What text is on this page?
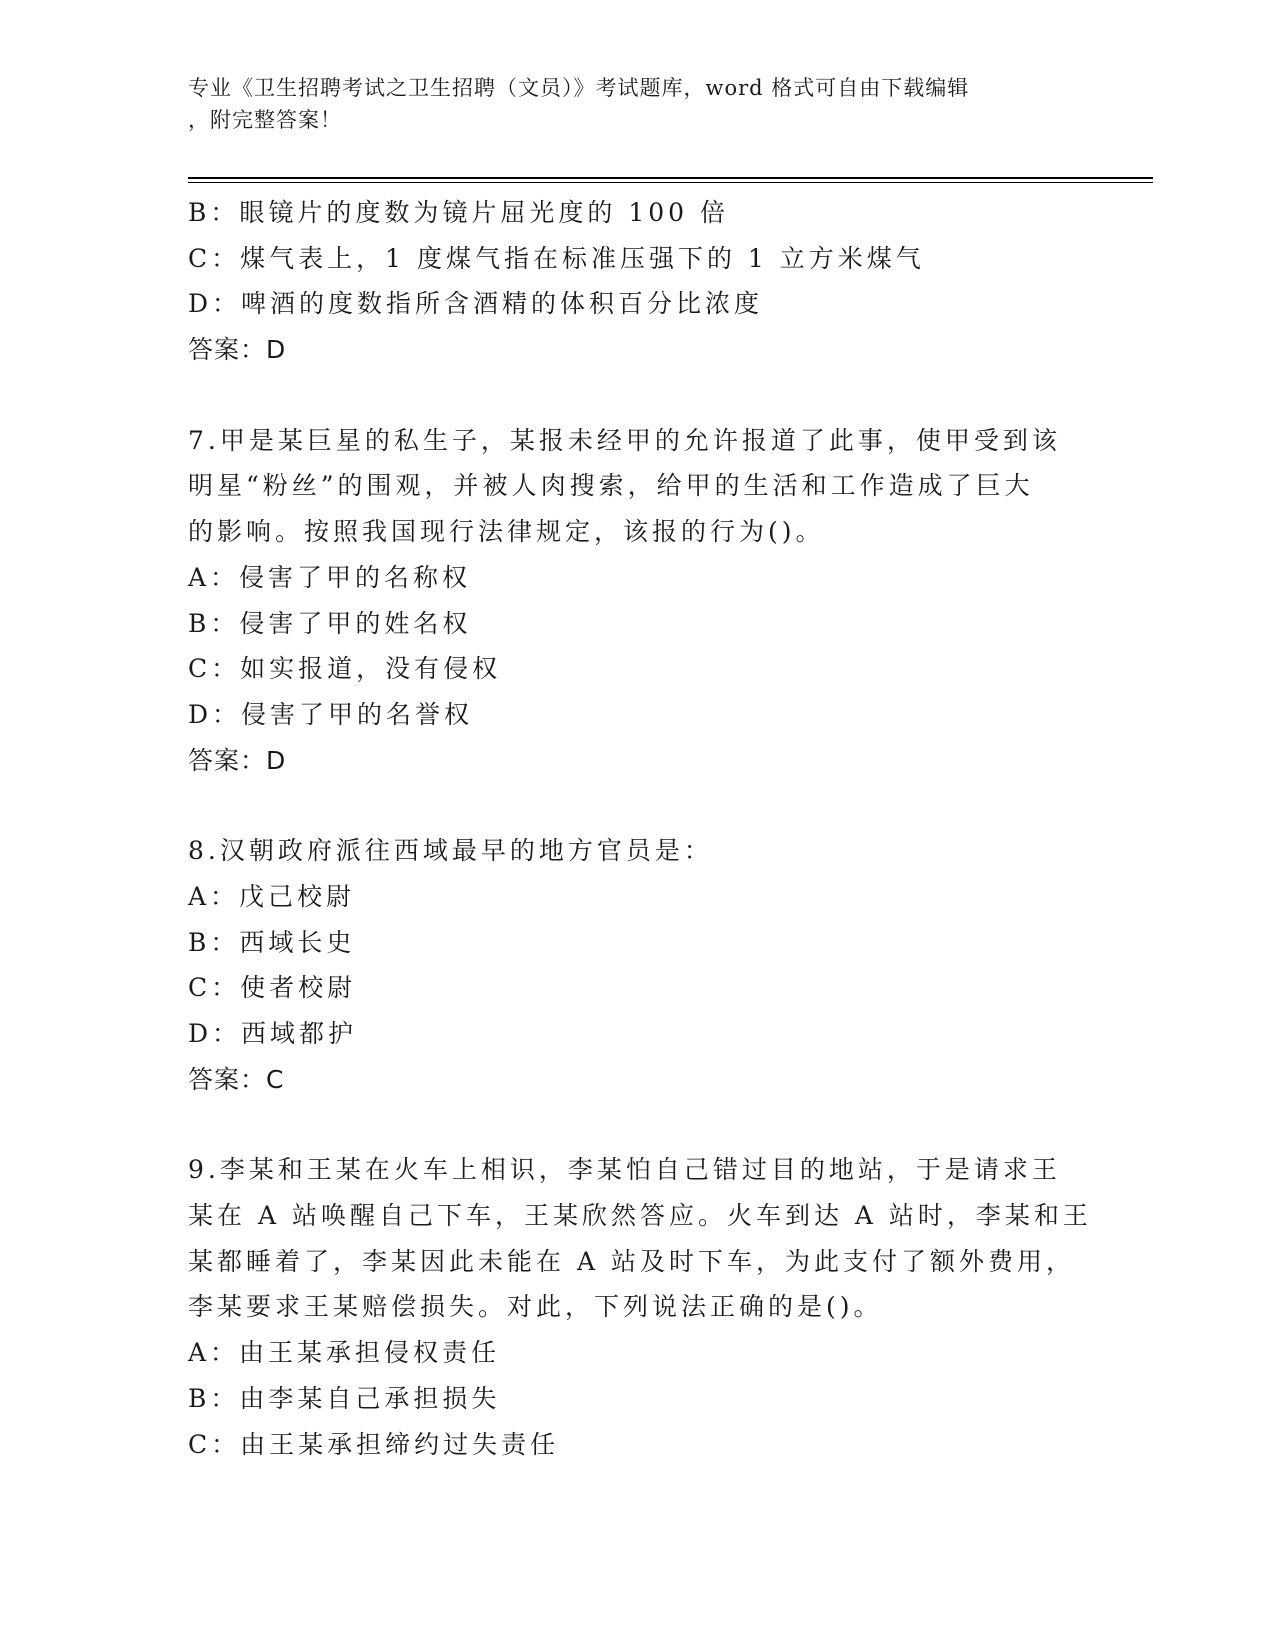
专业《卫生招聘考试之卫生招聘（文员）》考试题库，word 格式可自由下载编辑
，附完整答案！
B：眼镜片的度数为镜片屈光度的 100 倍
C：煤气表上，1 度煤气指在标准压强下的 1 立方米煤气
D：啤酒的度数指所含酒精的体积百分比浓度
答案：D
7.甲是某巨星的私生子，某报未经甲的允许报道了此事，使甲受到该
明星“粉丝”的围观，并被人肉搜索，给甲的生活和工作造成了巨大
的影响。按照我国现行法律规定，该报的行为()。
A：侵害了甲的名称权
B：侵害了甲的姓名权
C：如实报道，没有侵权
D：侵害了甲的名誉权
答案：D
8.汉朝政府派往西域最早的地方官员是：
A：戊己校尉
B：西域长史
C：使者校尉
D：西域都护
答案：C
9.李某和王某在火车上相识，李某怕自己错过目的地站，于是请求王
某在 A 站唤醒自己下车，王某欣然答应。火车到达 A 站时，李某和王
某都睡着了，李某因此未能在 A 站及时下车，为此支付了额外费用，
李某要求王某赔偿损失。对此，下列说法正确的是()。
A：由王某承担侵权责任
B：由李某自己承担损失
C：由王某承担缔约过失责任
